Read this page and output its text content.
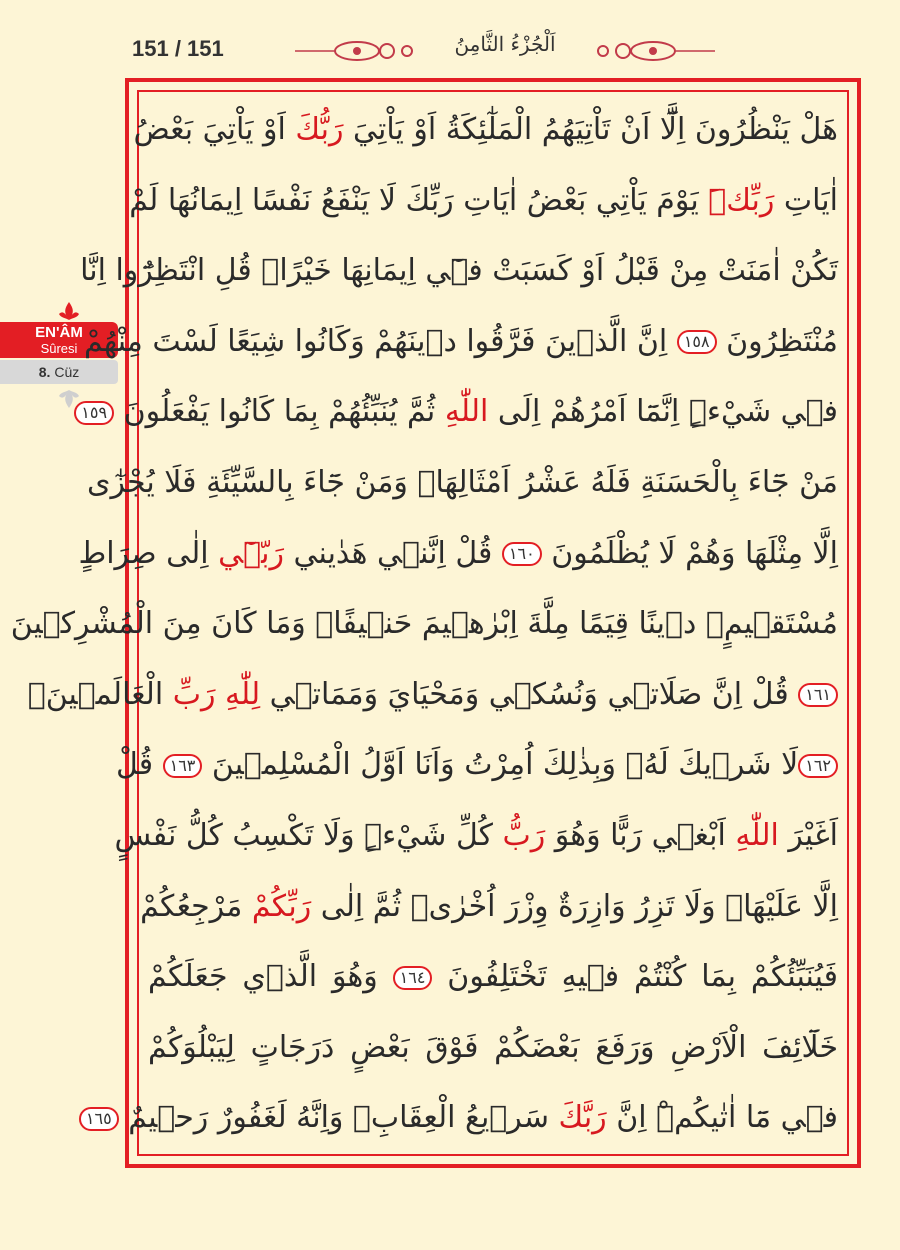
151 / 151	اَلْجُزْءُ الثَّامِنُ
EN'ÂM
Sûresi
8. Cüz
هَلْ يَنْظُرُونَ اِلَّٓا اَنْ تَاْتِيَهُمُ الْمَلٰٓئِكَةُ اَوْ يَاْتِيَ رَبُّكَ اَوْ يَاْتِيَ بَعْضُ
اٰيَاتِ رَبِّكَۜ يَوْمَ يَاْتِي بَعْضُ اٰيَاتِ رَبِّكَ لَا يَنْفَعُ نَفْسًا اِيمَانُهَا لَمْ
تَكُنْ اٰمَنَتْ مِنْ قَبْلُ اَوْ كَسَبَتْ فٖٓي اِيمَانِهَا خَيْرًاۜ قُلِ انْتَظِرُٓوا اِنَّا
مُنْتَظِرُونَ ١٥٨ اِنَّ الَّذٖينَ فَرَّقُوا دٖينَهُمْ وَكَانُوا شِيَعًا لَسْتَ مِنْهُمْ
فٖي شَيْءٍۜ اِنَّمَٓا اَمْرُهُمْ اِلَى اللّٰهِ ثُمَّ يُنَبِّئُهُمْ بِمَا كَانُوا يَفْعَلُونَ ١٥٩
مَنْ جَٓاءَ بِالْحَسَنَةِ فَلَهُ عَشْرُ اَمْثَالِهَاۚ وَمَنْ جَٓاءَ بِالسَّيِّئَةِ فَلَا يُجْزٰٓى
اِلَّا مِثْلَهَا وَهُمْ لَا يُظْلَمُونَ ١٦٠ قُلْ اِنَّنٖي هَدٰيني رَبّٖٓي اِلٰى صِرَاطٍ
مُسْتَقٖيمٍۚ دٖينًا قِيَمًا مِلَّةَ اِبْرٰهٖيمَ حَنٖيفًاۚ وَمَا كَانَ مِنَ الْمُشْرِكٖينَ
١٦١ قُلْ اِنَّ صَلَاتٖي وَنُسُكٖي وَمَحْيَايَ وَمَمَاتٖي لِلّٰهِ رَبِّ الْعَالَمٖينَۙ
١٦٢لَا شَرٖيكَ لَهُۚ وَبِذٰلِكَ اُمِرْتُ وَاَنَا اَوَّلُ الْمُسْلِمٖينَ ١٦٣ قُلْ
اَغَيْرَ اللّٰهِ اَبْغٖي رَبًّا وَهُوَ رَبُّ كُلِّ شَيْءٍۜ وَلَا تَكْسِبُ كُلُّ نَفْسٍ
اِلَّا عَلَيْهَاۚ وَلَا تَزِرُ وَازِرَةٌ وِزْرَ اُخْرٰىۚ ثُمَّ اِلٰى رَبِّكُمْ مَرْجِعُكُمْ
فَيُنَبِّئُكُمْ بِمَا كُنْتُمْ فٖيهِ تَخْتَلِفُونَ ١٦٤ وَهُوَ الَّذٖي جَعَلَكُمْ
خَلَٓائِفَ الْاَرْضِ وَرَفَعَ بَعْضَكُمْ فَوْقَ بَعْضٍ دَرَجَاتٍ لِيَبْلُوَكُمْ
فٖي مَٓا اٰتٰيكُمْۜ اِنَّ رَبَّكَ سَرٖيعُ الْعِقَابِۘ وَاِنَّهُ لَغَفُورٌ رَحٖيمٌ ١٦٥
